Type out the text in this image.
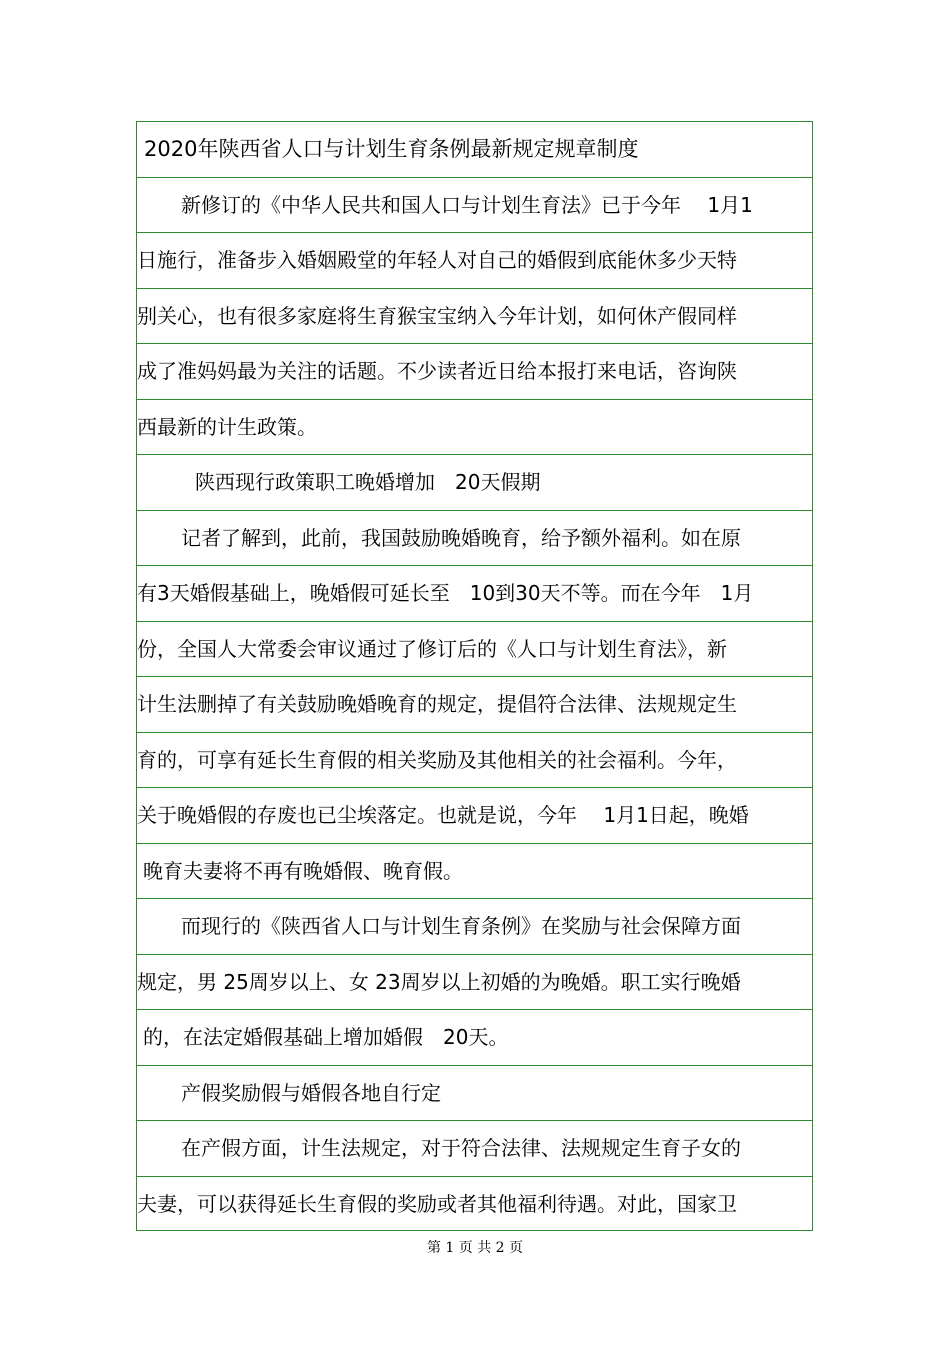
2020年陕西省人口与计划生育条例最新规定规章制度
新修订的《中华人民共和国人口与计划生育法》已于今年　 1月1
日施行，准备步入婚姻殿堂的年轻人对自己的婚假到底能休多少天特
别关心，也有很多家庭将生育猴宝宝纳入今年计划，如何休产假同样
成了准妈妈最为关注的话题。不少读者近日给本报打来电话，咨询陕
西最新的计生政策。
陕西现行政策职工晚婚增加　20天假期
记者了解到，此前，我国鼓励晚婚晚育，给予额外福利。如在原
有3天婚假基础上，晚婚假可延长至　10到30天不等。而在今年　1月
份，全国人大常委会审议通过了修订后的《人口与计划生育法》，新
计生法删掉了有关鼓励晚婚晚育的规定，提倡符合法律、法规规定生
育的，可享有延长生育假的相关奖励及其他相关的社会福利。今年，
关于晚婚假的存废也已尘埃落定。也就是说，今年　 1月1日起，晚婚
晚育夫妻将不再有晚婚假、晚育假。
而现行的《陕西省人口与计划生育条例》在奖励与社会保障方面
规定，男 25周岁以上、女 23周岁以上初婚的为晚婚。职工实行晚婚
的，在法定婚假基础上增加婚假　20天。
产假奖励假与婚假各地自行定
在产假方面，计生法规定，对于符合法律、法规规定生育子女的
夫妻，可以获得延长生育假的奖励或者其他福利待遇。对此，国家卫
第 1 页 共 2 页
